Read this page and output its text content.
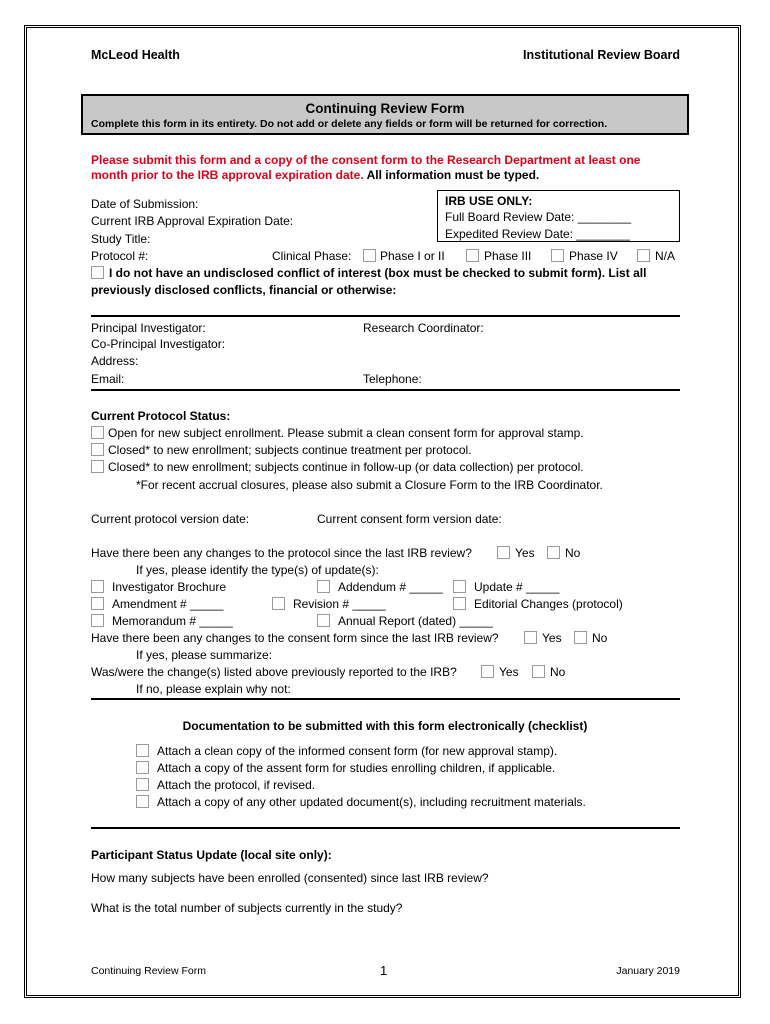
McLeod Health	Institutional Review Board
Continuing Review Form
Complete this form in its entirety. Do not add or delete any fields or form will be returned for correction.
Please submit this form and a copy of the consent form to the Research Department at least one
month prior to the IRB approval expiration date. All information must be typed.
Date of Submission:
Current IRB Approval Expiration Date:
Study Title:
Protocol #:
IRB USE ONLY:
Full Board Review Date: ________
Expedited Review Date: ________
Clinical Phase: Phase I or II	Phase III	Phase IV	N/A
I do not have an undisclosed conflict of interest (box must be checked to submit form). List all
previously disclosed conflicts, financial or otherwise:
Principal Investigator:	Research Coordinator:
Co-Principal Investigator:
Address:
Email:	Telephone:
Current Protocol Status:
Open for new subject enrollment. Please submit a clean consent form for approval stamp.
Closed* to new enrollment; subjects continue treatment per protocol.
Closed* to new enrollment; subjects continue in follow-up (or data collection) per protocol.
*For recent accrual closures, please also submit a Closure Form to the IRB Coordinator.
Current protocol version date:	Current consent form version date:
Have there been any changes to the protocol since the last IRB review?	Yes	No
If yes, please identify the type(s) of update(s):
Investigator Brochure	Addendum # _____	Update # _____
Amendment # _____	Revision # _____	Editorial Changes (protocol)
Memorandum # _____	Annual Report (dated) _____
Have there been any changes to the consent form since the last IRB review?	Yes	No
If yes, please summarize:
Was/were the change(s) listed above previously reported to the IRB?	Yes	No
If no, please explain why not:
Documentation to be submitted with this form electronically (checklist)
Attach a clean copy of the informed consent form (for new approval stamp).
Attach a copy of the assent form for studies enrolling children, if applicable.
Attach the protocol, if revised.
Attach a copy of any other updated document(s), including recruitment materials.
Participant Status Update (local site only):
How many subjects have been enrolled (consented) since last IRB review?
What is the total number of subjects currently in the study?
Continuing Review Form	1	January 2019
